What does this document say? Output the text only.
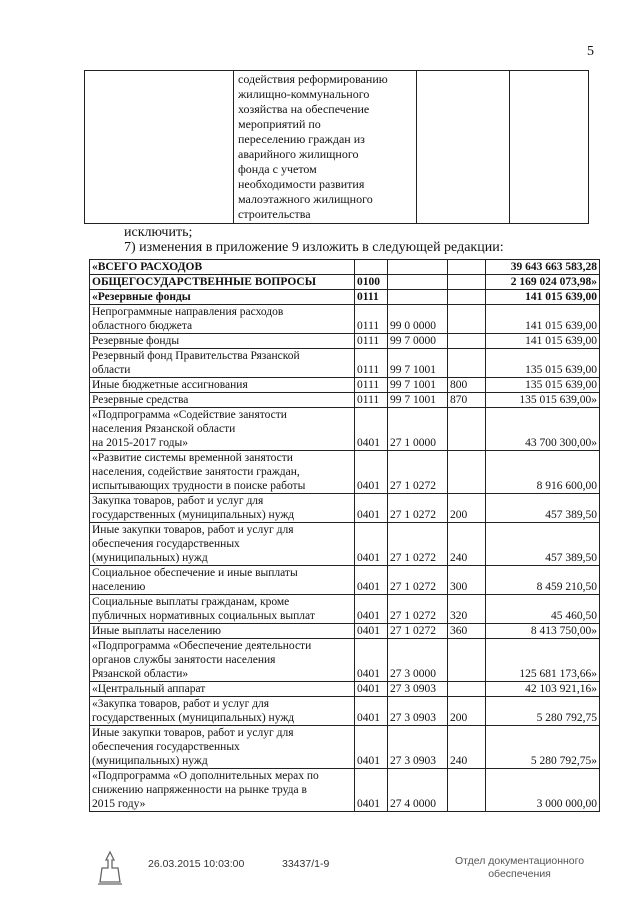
5
	содействия реформированию
жилищно-коммунального
хозяйства на обеспечение
мероприятий по
переселению граждан из
аварийного жилищного
фонда с учетом
необходимости развития
малоэтажного жилищного
строительства		
исключить;
7) изменения в приложение 9 изложить в следующей редакции:
«ВСЕГО РАСХОДОВ				39 643 663 583,28
ОБЩЕГОСУДАРСТВЕННЫЕ ВОПРОСЫ	0100			2 169 024 073,98»
«Резервные фонды	0111			141 015 639,00
Непрограммные направления расходов
областного бюджета	0111	99 0 0000		141 015 639,00
Резервные фонды	0111	99 7 0000		141 015 639,00
Резервный фонд Правительства Рязанской
области	0111	99 7 1001		135 015 639,00
Иные бюджетные ассигнования	0111	99 7 1001	800	135 015 639,00
Резервные средства	0111	99 7 1001	870	135 015 639,00»
«Подпрограмма «Содействие занятости
населения Рязанской области
на 2015-2017 годы»	0401	27 1 0000		43 700 300,00»
«Развитие системы временной занятости
населения, содействие занятости граждан,
испытывающих трудности в поиске работы	0401	27 1 0272		8 916 600,00
Закупка товаров, работ и услуг для
государственных (муниципальных) нужд	0401	27 1 0272	200	457 389,50
Иные закупки товаров, работ и услуг для
обеспечения государственных
(муниципальных) нужд	0401	27 1 0272	240	457 389,50
Социальное обеспечение и иные выплаты
населению	0401	27 1 0272	300	8 459 210,50
Социальные выплаты гражданам, кроме
публичных нормативных социальных выплат	0401	27 1 0272	320	45 460,50
Иные выплаты населению	0401	27 1 0272	360	8 413 750,00»
«Подпрограмма «Обеспечение деятельности
органов службы занятости населения
Рязанской области»	0401	27 3 0000		125 681 173,66»
«Центральный аппарат	0401	27 3 0903		42 103 921,16»
«Закупка товаров, работ и услуг для
государственных (муниципальных) нужд	0401	27 3 0903	200	5 280 792,75
Иные закупки товаров, работ и услуг для
обеспечения государственных
(муниципальных) нужд	0401	27 3 0903	240	5 280 792,75»
«Подпрограмма «О дополнительных мерах по
снижению напряженности на рынке труда в
2015 году»	0401	27 4 0000		3 000 000,00
26.03.2015 10:03:00	33437/1-9	Отдел документационного
обеспечения
